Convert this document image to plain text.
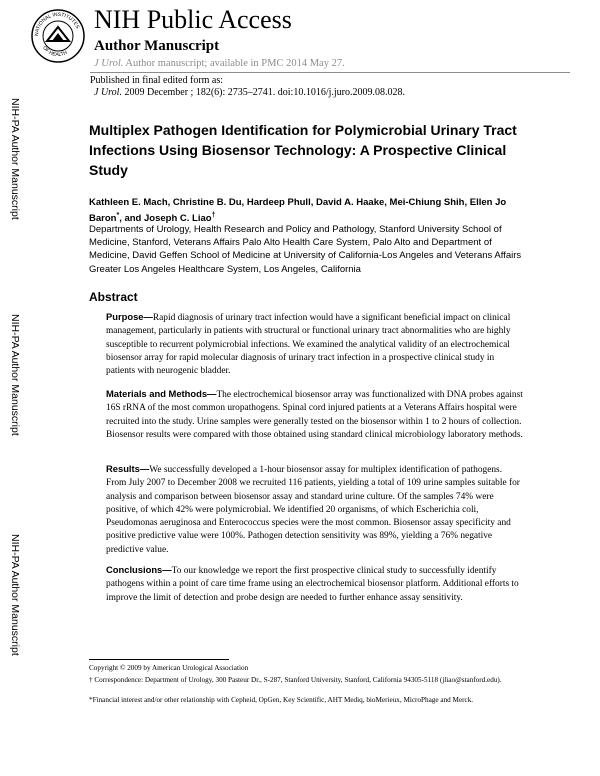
NATIONAL INSTITUTES
OF HEALTH
NIH Public Access
Author Manuscript
J Urol. Author manuscript; available in PMC 2014 May 27.
Published in final edited form as:
J Urol. 2009 December ; 182(6): 2735–2741. doi:10.1016/j.juro.2009.08.028.
NIH-PA Author Manuscript
NIH-PA Author Manuscript
NIH-PA Author Manuscript
Multiplex Pathogen Identification for Polymicrobial Urinary Tract Infections Using Biosensor Technology: A Prospective Clinical Study
Kathleen E. Mach, Christine B. Du, Hardeep Phull, David A. Haake, Mei-Chiung Shih, Ellen Jo Baron*, and Joseph C. Liao†
Departments of Urology, Health Research and Policy and Pathology, Stanford University School of Medicine, Stanford, Veterans Affairs Palo Alto Health Care System, Palo Alto and Department of Medicine, David Geffen School of Medicine at University of California-Los Angeles and Veterans Affairs Greater Los Angeles Healthcare System, Los Angeles, California
Abstract
Purpose—Rapid diagnosis of urinary tract infection would have a significant beneficial impact on clinical management, particularly in patients with structural or functional urinary tract abnormalities who are highly susceptible to recurrent polymicrobial infections. We examined the analytical validity of an electrochemical biosensor array for rapid molecular diagnosis of urinary tract infection in a prospective clinical study in patients with neurogenic bladder.
Materials and Methods—The electrochemical biosensor array was functionalized with DNA probes against 16S rRNA of the most common uropathogens. Spinal cord injured patients at a Veterans Affairs hospital were recruited into the study. Urine samples were generally tested on the biosensor within 1 to 2 hours of collection. Biosensor results were compared with those obtained using standard clinical microbiology laboratory methods.
Results—We successfully developed a 1-hour biosensor assay for multiplex identification of pathogens. From July 2007 to December 2008 we recruited 116 patients, yielding a total of 109 urine samples suitable for analysis and comparison between biosensor assay and standard urine culture. Of the samples 74% were positive, of which 42% were polymicrobial. We identified 20 organisms, of which Escherichia coli, Pseudomonas aeruginosa and Enterococcus species were the most common. Biosensor assay specificity and positive predictive value were 100%. Pathogen detection sensitivity was 89%, yielding a 76% negative predictive value.
Conclusions—To our knowledge we report the first prospective clinical study to successfully identify pathogens within a point of care time frame using an electrochemical biosensor platform. Additional efforts to improve the limit of detection and probe design are needed to further enhance assay sensitivity.
Copyright © 2009 by American Urological Association
† Correspondence: Department of Urology, 300 Pasteur Dr., S-287, Stanford University, Stanford, California 94305-5118 (jliao@stanford.edu).
*Financial interest and/or other relationship with Cepheid, OpGen, Key Scientific, AHT Mediq, bioMerieux, MicroPhage and Merck.
